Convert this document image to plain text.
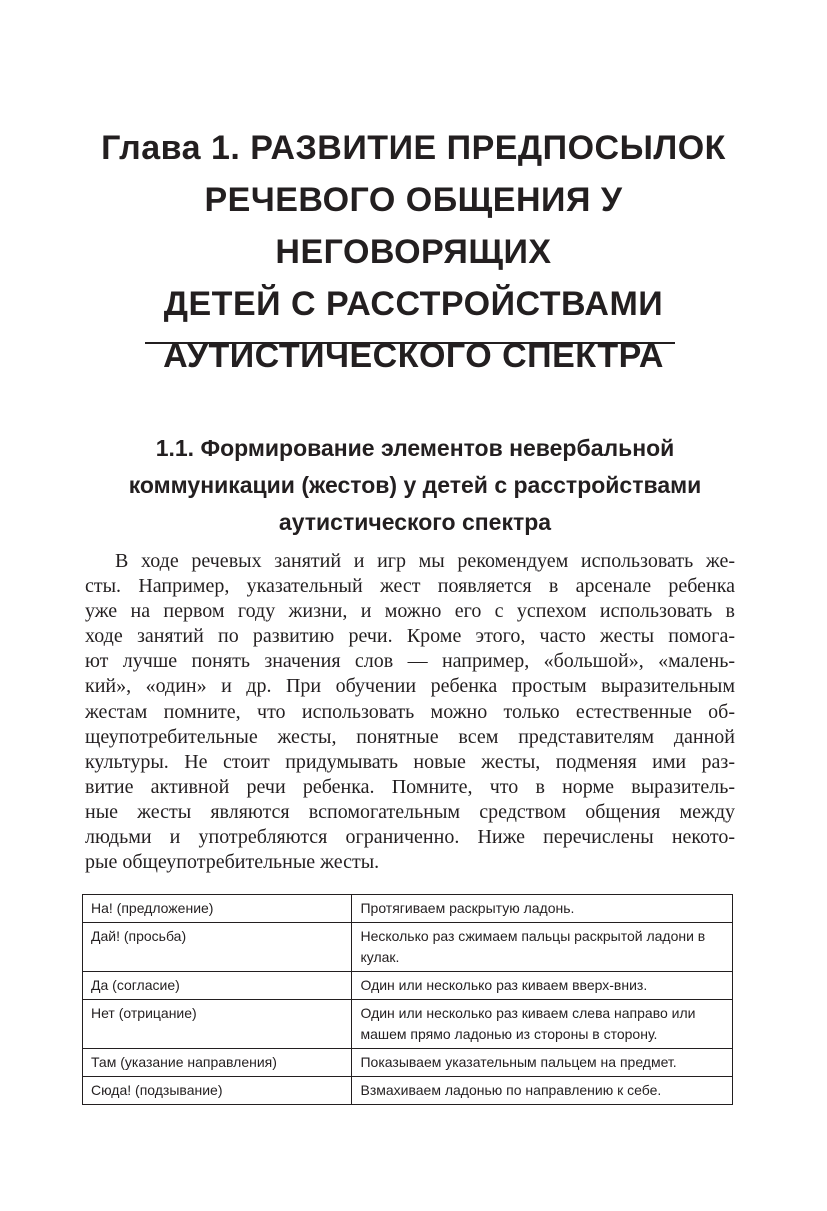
Глава 1. РАЗВИТИЕ ПРЕДПОСЫЛОК
РЕЧЕВОГО ОБЩЕНИЯ У НЕГОВОРЯЩИХ
ДЕТЕЙ С РАССТРОЙСТВАМИ
АУТИСТИЧЕСКОГО СПЕКТРА
1.1. Формирование элементов невербальной
коммуникации (жестов) у детей с расстройствами
аутистического спектра
В ходе речевых занятий и игр мы рекомендуем использовать же-
сты. Например, указательный жест появляется в арсенале ребенка
уже на первом году жизни, и можно его с успехом использовать в
ходе занятий по развитию речи. Кроме этого, часто жесты помога-
ют лучше понять значения слов — например, «большой», «малень-
кий», «один» и др. При обучении ребенка простым выразительным
жестам помните, что использовать можно только естественные об-
щеупотребительные жесты, понятные всем представителям данной
культуры. Не стоит придумывать новые жесты, подменяя ими раз-
витие активной речи ребенка. Помните, что в норме выразитель-
ные жесты являются вспомогательным средством общения между
людьми и употребляются ограниченно. Ниже перечислены некото-
рые общеупотребительные жесты.
На! (предложение)	Протягиваем раскрытую ладонь.
Дай! (просьба)	Несколько раз сжимаем пальцы раскрытой ладони в кулак.
Да (согласие)	Один или несколько раз киваем вверх-вниз.
Нет (отрицание)	Один или несколько раз киваем слева направо или машем прямо ладонью из стороны в сторону.
Там (указание направления)	Показываем указательным пальцем на предмет.
Сюда! (подзывание)	Взмахиваем ладонью по направлению к себе.
